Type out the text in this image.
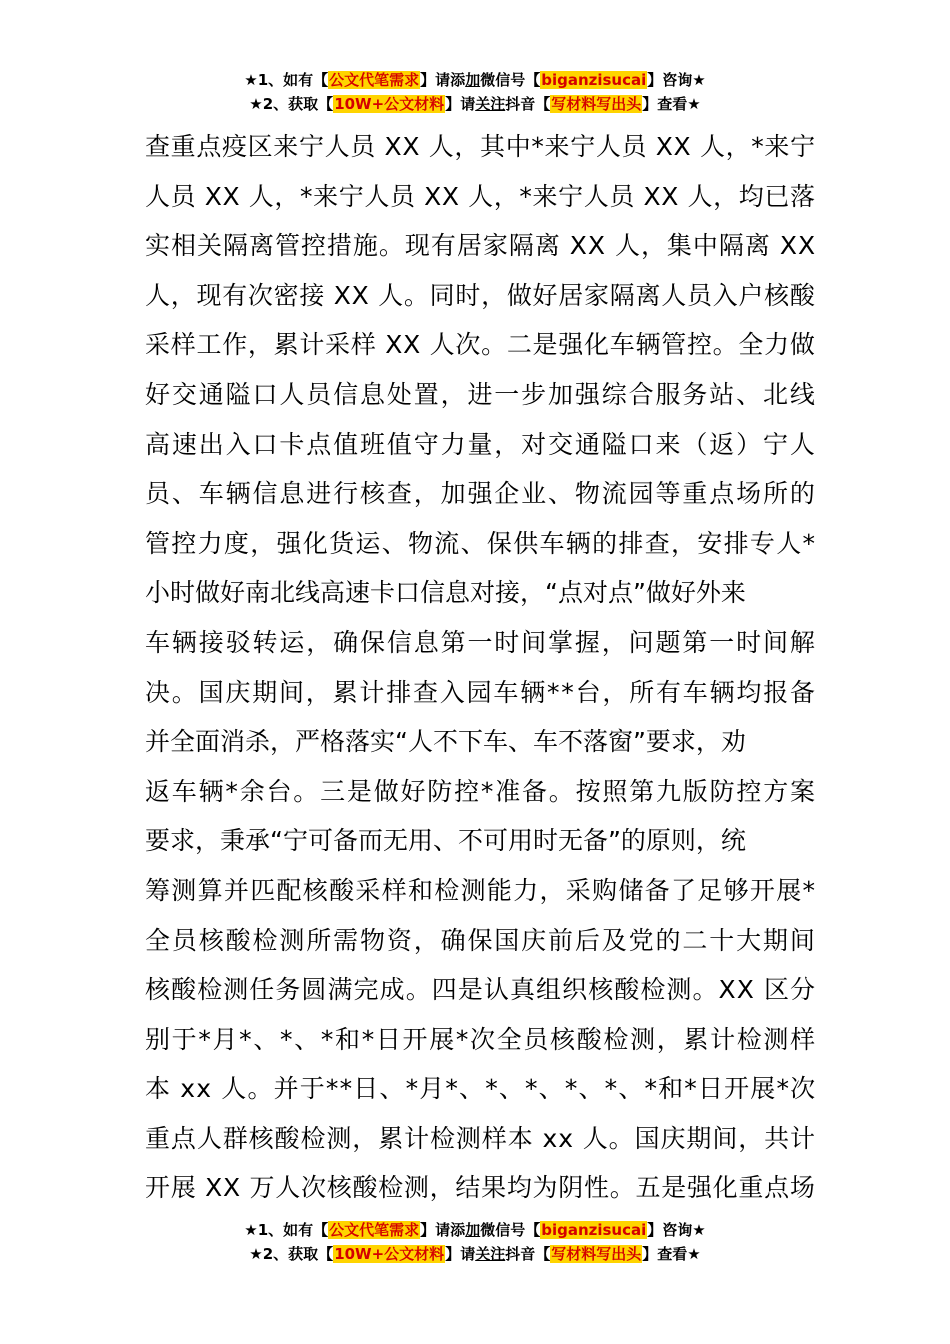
★1、如有【公文代笔需求】请添加微信号【biganzisucai】咨询★
★2、获取【10W+公文材料】请关注抖音【写材料写出头】查看★
查重点疫区来宁人员 XX 人，其中*来宁人员 XX 人，*来宁
人员 XX 人，*来宁人员 XX 人，*来宁人员 XX 人，均已落
实相关隔离管控措施。现有居家隔离 XX 人，集中隔离 XX
人，现有次密接 XX 人。同时，做好居家隔离人员入户核酸
采样工作，累计采样 XX 人次。二是强化车辆管控。全力做
好交通隘口人员信息处置，进一步加强综合服务站、北线
高速出入口卡点值班值守力量，对交通隘口来（返）宁人
员、车辆信息进行核查，加强企业、物流园等重点场所的
管控力度，强化货运、物流、保供车辆的排查，安排专人*
小时做好南北线高速卡口信息对接，“点对点”做好外来
车辆接驳转运，确保信息第一时间掌握，问题第一时间解
决。国庆期间，累计排查入园车辆**台，所有车辆均报备
并全面消杀，严格落实“人不下车、车不落窗”要求，劝
返车辆*余台。三是做好防控*准备。按照第九版防控方案
要求，秉承“宁可备而无用、不可用时无备”的原则，统
筹测算并匹配核酸采样和检测能力，采购储备了足够开展*
全员核酸检测所需物资，确保国庆前后及党的二十大期间
核酸检测任务圆满完成。四是认真组织核酸检测。XX 区分
别于*月*、*、*和*日开展*次全员核酸检测，累计检测样
本 xx 人。并于**日、*月*、*、*、*、*、*和*日开展*次
重点人群核酸检测，累计检测样本 xx 人。国庆期间，共计
开展 XX 万人次核酸检测，结果均为阴性。五是强化重点场
★1、如有【公文代笔需求】请添加微信号【biganzisucai】咨询★
★2、获取【10W+公文材料】请关注抖音【写材料写出头】查看★
